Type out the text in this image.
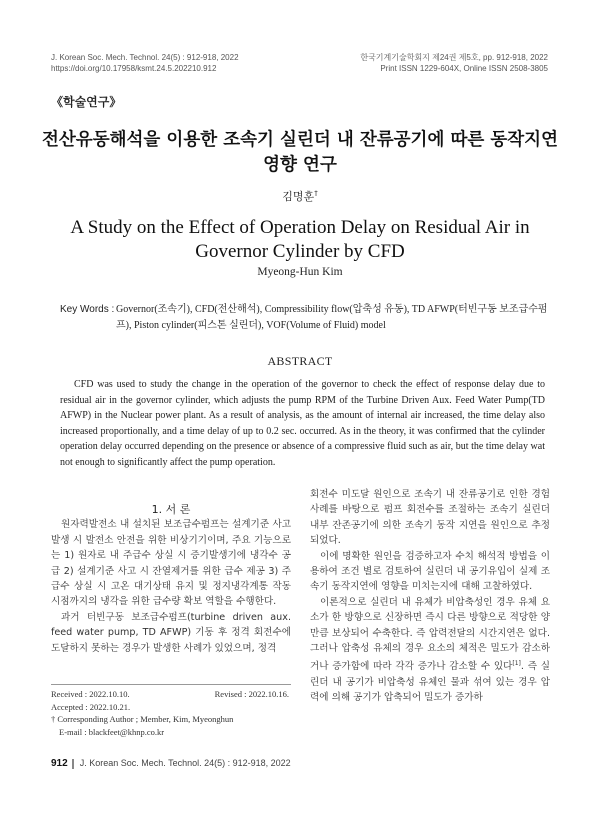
J. Korean Soc. Mech. Technol. 24(5) : 912-918, 2022
https://doi.org/10.17958/ksmt.24.5.202210.912
한국기계기술학회지 제24권 제5호, pp. 912-918, 2022
Print ISSN 1229-604X, Online ISSN 2508-3805
《학술연구》
전산유동해석을 이용한 조속기 실린더 내 잔류공기에 따른 동작지연 영향 연구
김명훈†
A Study on the Effect of Operation Delay on Residual Air in Governor Cylinder by CFD
Myeong-Hun Kim
Key Words : Governor(조속기), CFD(전산해석), Compressibility flow(압축성 유동), TD AFWP(터빈구동 보조급수펌프), Piston cylinder(피스톤 실린더), VOF(Volume of Fluid) model
ABSTRACT
CFD was used to study the change in the operation of the governor to check the effect of response delay due to residual air in the governor cylinder, which adjusts the pump RPM of the Turbine Driven Aux. Feed Water Pump(TD AFWP) in the Nuclear power plant. As a result of analysis, as the amount of internal air increased, the time delay also increased proportionally, and a time delay of up to 0.2 sec. occurred. As in the theory, it was confirmed that the cylinder operation delay occurred depending on the presence or absence of a compressive fluid such as air, but the time delay wat not enough to significantly affect the pump operation.

1. 서 론

원자력발전소 내 설치된 보조급수펌프는 설계기준 사고 발생 시 발전소 안전을 위한 비상기기이며, 주요 기능으로는 1) 원자로 내 주급수 상실 시 증기발생기에 냉각수 공급 2) 설계기준 사고 시 잔열제거를 위한 급수 제공 3) 주급수 상실 시 고온 대기상태 유지 및 정지냉각계통 작동 시점까지의 냉각을 위한 급수량 확보 역할을 수행한다.

과거 터빈구동 보조급수펌프(turbine driven aux. feed water pump, TD AFWP) 기동 후 정격 회전수에 도달하지 못하는 경우가 발생한 사례가 있었으며, 정격

회전수 미도달 원인으로 조속기 내 잔류공기로 인한 경험사례를 바탕으로 펌프 회전수를 조절하는 조속기 실린더 내부 잔존공기에 의한 조속기 동작 지연을 원인으로 추정되었다.

이에 명확한 원인을 검증하고자 수치 해석적 방법을 이용하여 조건 별로 검토하여 실린더 내 공기유입이 실제 조속기 동작지연에 영향을 미치는지에 대해 고찰하였다.

이론적으로 실린더 내 유체가 비압축성인 경우 유체 요소가 한 방향으로 신장하면 즉시 다른 방향으로 적당한 양만큼 보상되어 수축한다. 즉 압력전달의 시간지연은 없다. 그러나 압축성 유체의 경우 요소의 체적은 밀도가 감소하거나 증가함에 따라 각각 증가나 감소할 수 있다[1]. 즉 실린더 내 공기가 비압축성 유체인 물과 섞여 있는 경우 압력에 의해 공기가 압축되어 밀도가 증가하

Received : 2022.10.10.	Revised : 2022.10.16.
Accepted : 2022.10.21.
† Corresponding Author ; Member, Kim, Myeonghun
E-mail : blackfeet@khnp.co.kr
912 J. Korean Soc. Mech. Technol. 24(5) : 912-918, 2022
